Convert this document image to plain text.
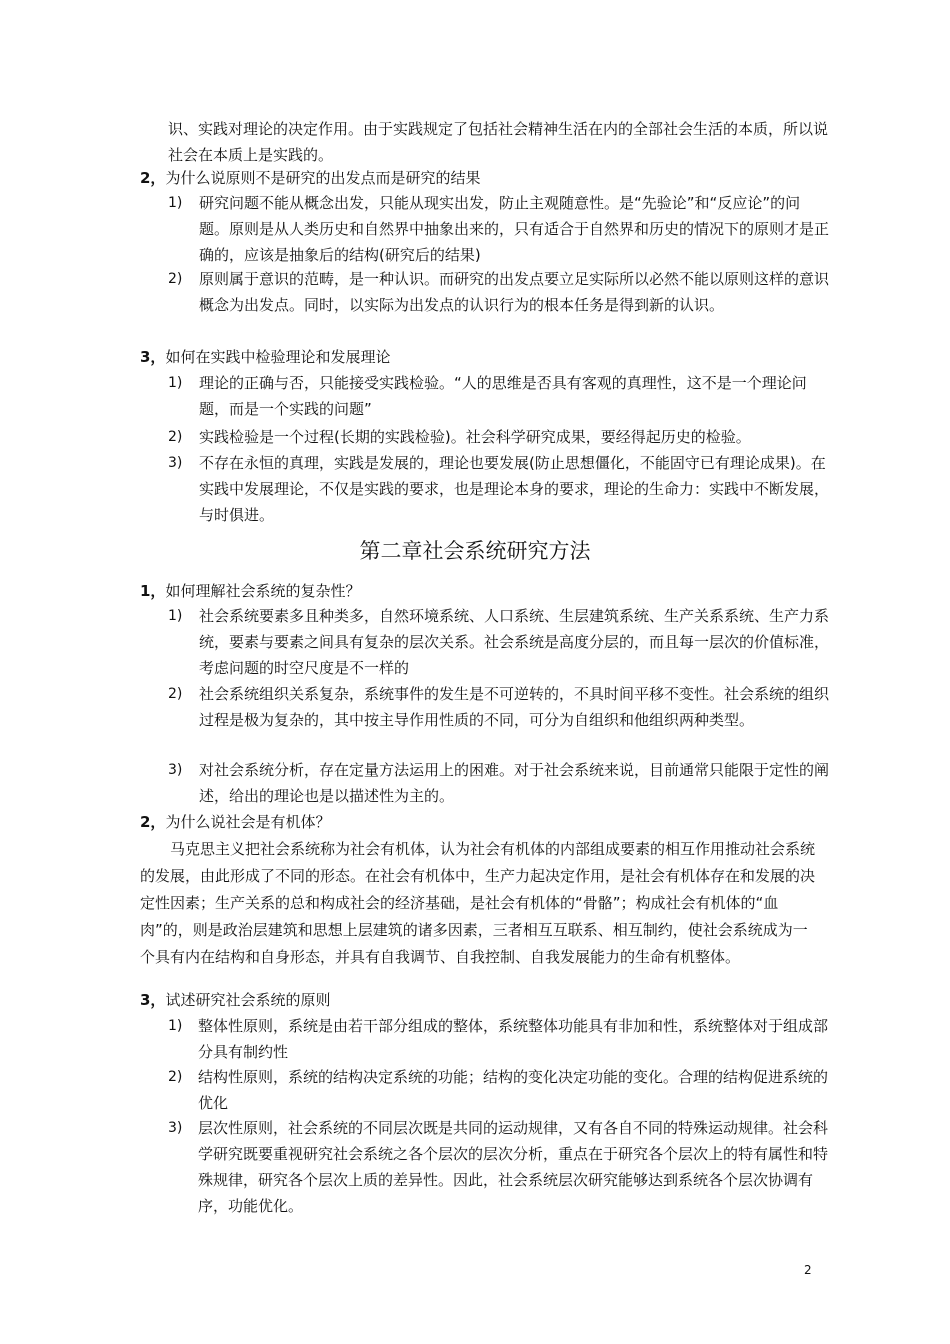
识、实践对理论的决定作用。由于实践规定了包括社会精神生活在内的全部社会生活的本质，所以说社会在本质上是实践的。
2，为什么说原则不是研究的出发点而是研究的结果
1) 研究问题不能从概念出发，只能从现实出发，防止主观随意性。是“先验论”和“反应论”的问题。原则是从人类历史和自然界中抽象出来的，只有适合于自然界和历史的情况下的原则才是正确的，应该是抽象后的结构(研究后的结果)
2) 原则属于意识的范畴，是一种认识。而研究的出发点要立足实际所以必然不能以原则这样的意识概念为出发点。同时，以实际为出发点的认识行为的根本任务是得到新的认识。
3，如何在实践中检验理论和发展理论
1) 理论的正确与否，只能接受实践检验。“人的思维是否具有客观的真理性，这不是一个理论问题，而是一个实践的问题”
2) 实践检验是一个过程(长期的实践检验)。社会科学研究成果，要经得起历史的检验。
3) 不存在永恒的真理，实践是发展的，理论也要发展(防止思想僵化，不能固守已有理论成果)。在实践中发展理论，不仅是实践的要求，也是理论本身的要求，理论的生命力：实践中不断发展，与时俱进。
第二章社会系统研究方法
1，如何理解社会系统的复杂性？
1) 社会系统要素多且种类多，自然环境系统、人口系统、生层建筑系统、生产关系系统、生产力系统，要素与要素之间具有复杂的层次关系。社会系统是高度分层的，而且每一层次的价值标准，考虑问题的时空尺度是不一样的
2) 社会系统组织关系复杂，系统事件的发生是不可逆转的，不具时间平移不变性。社会系统的组织过程是极为复杂的，其中按主导作用性质的不同，可分为自组织和他组织两种类型。
3) 对社会系统分析，存在定量方法运用上的困难。对于社会系统来说，目前通常只能限于定性的阐述，给出的理论也是以描述性为主的。
2，为什么说社会是有机体？
马克思主义把社会系统称为社会有机体，认为社会有机体的内部组成要素的相互作用推动社会系统的发展，由此形成了不同的形态。在社会有机体中，生产力起决定作用，是社会有机体存在和发展的决定性因素；生产关系的总和构成社会的经济基础，是社会有机体的“骨骼”；构成社会有机体的“血肉”的，则是政治层建筑和思想上层建筑的诸多因素，三者相互互联系、相互制约，使社会系统成为一个具有内在结构和自身形态，并具有自我调节、自我控制、自我发展能力的生命有机整体。
3，试述研究社会系统的原则
1) 整体性原则，系统是由若干部分组成的整体，系统整体功能具有非加和性，系统整体对于组成部分具有制约性
2) 结构性原则，系统的结构决定系统的功能；结构的变化决定功能的变化。合理的结构促进系统的优化
3) 层次性原则，社会系统的不同层次既是共同的运动规律，又有各自不同的特殊运动规律。社会科学研究既要重视研究社会系统之各个层次的层次分析，重点在于研究各个层次上的特有属性和特殊规律，研究各个层次上质的差异性。因此，社会系统层次研究能够达到系统各个层次协调有序，功能优化。
2
